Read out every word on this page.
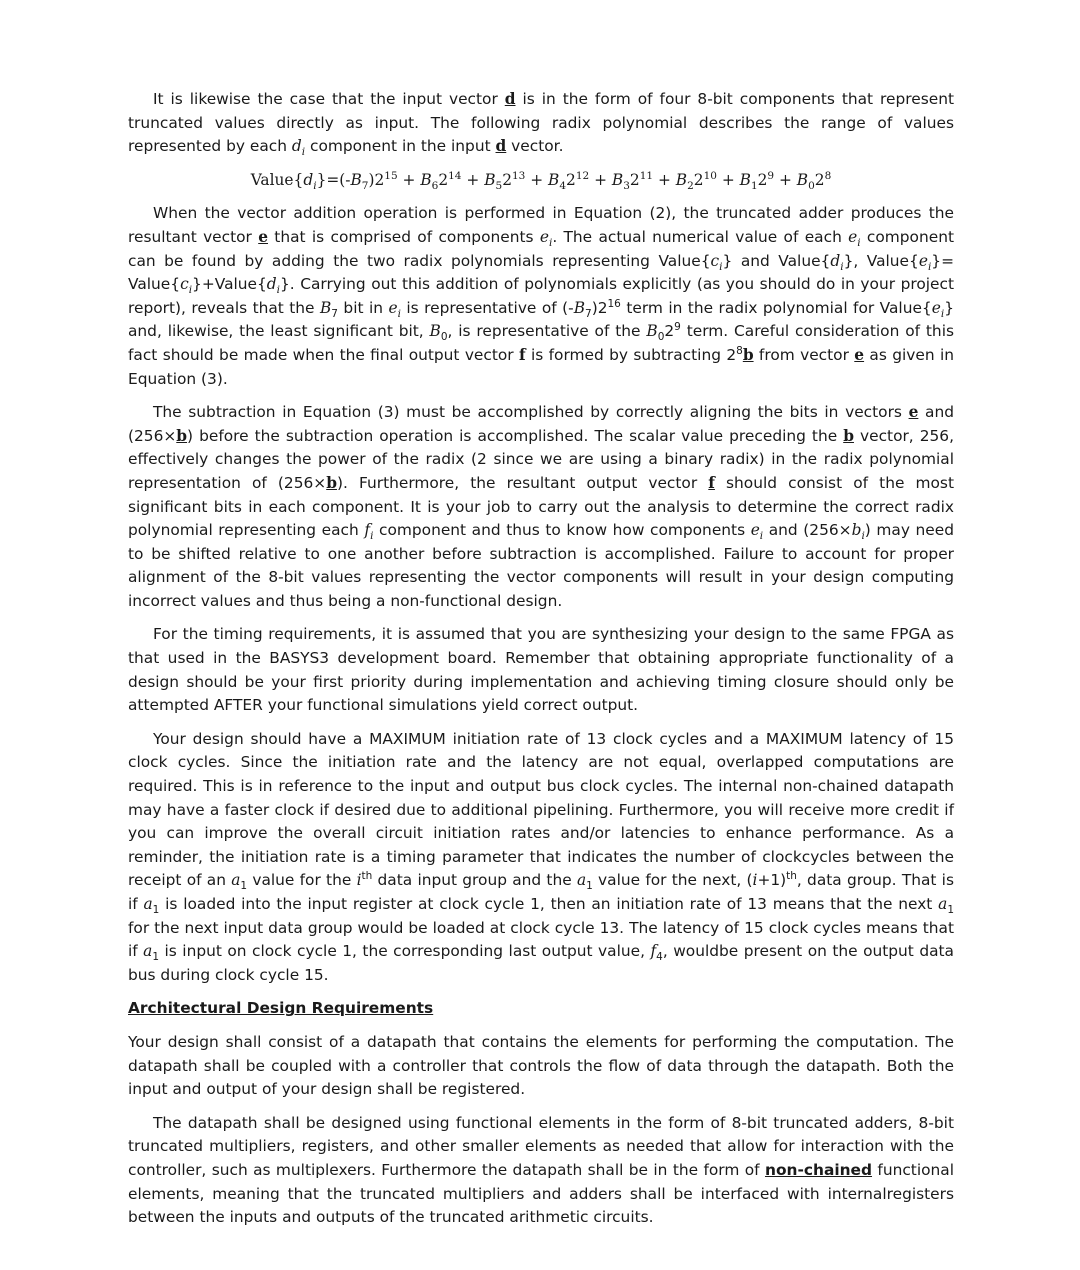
It is likewise the case that the input vector d is in the form of four 8-bit components that represent truncated values directly as input. The following radix polynomial describes the range of values represented by each $d_i$ component in the input d vector.

$Value\{d_i\}=(-B_7)2^{15} + B_62^{14} + B_52^{13} + B_42^{12} + B_32^{11} + B_22^{10} + B_12^9 + B_02^8$

When the vector addition operation is performed in Equation (2), the truncated adder produces the resultant vector e that is comprised of components $e_i$. The actual numerical value of each $e_i$ component can be found by adding the two radix polynomials representing $Value\{c_i\}$ and $Value\{d_i\}$, $Value\{e_i\}=$ $Value\{c_i\}+Value\{d_i\}$. Carrying out this addition of polynomials explicitly (as you should do in your project report), reveals that the $B_7$ bit in $e_i$ is representative of $(-B_7)2^{16}$ term in the radix polynomial for $Value\{e_i\}$ and, likewise, the least significant bit, $B_0$, is representative of the $B_02^9$ term. Careful consideration of this fact should be made when the final output vector f is formed by subtracting $2^8b$ from vector e as given in Equation (3).

The subtraction in Equation (3) must be accomplished by correctly aligning the bits in vectors e and (256×b) before the subtraction operation is accomplished. The scalar value preceding the b vector, 256, effectively changes the power of the radix (2 since we are using a binary radix) in the radix polynomial representation of (256×b). Furthermore, the resultant output vector f should consist of the most significant bits in each component. It is your job to carry out the analysis to determine the correct radix polynomial representing each $f_i$ component and thus to know how components $e_i$ and $(256\times b_i)$ may need to be shifted relative to one another before subtraction is accomplished. Failure to account for proper alignment of the 8-bit values representing the vector components will result in your design computing incorrect values and thus being a non-functional design.

For the timing requirements, it is assumed that you are synthesizing your design to the same FPGA as that used in the BASYS3 development board. Remember that obtaining appropriate functionality of a design should be your first priority during implementation and achieving timing closure should only be attempted AFTER your functional simulations yield correct output.

Your design should have a MAXIMUM initiation rate of 13 clock cycles and a MAXIMUM latency of 15 clock cycles. Since the initiation rate and the latency are not equal, overlapped computations are required. This is in reference to the input and output bus clock cycles. The internal non-chained datapath may have a faster clock if desired due to additional pipelining. Furthermore, you will receive more credit if you can improve the overall circuit initiation rates and/or latencies to enhance performance. As a reminder, the initiation rate is a timing parameter that indicates the number of clockcycles between the receipt of an $a_1$ value for the $i^{th}$ data input group and the $a_1$ value for the next, $(i+1)^{th}$, data group. That is if $a_1$ is loaded into the input register at clock cycle 1, then an initiation rate of 13 means that the next $a_1$ for the next input data group would be loaded at clock cycle 13. The latency of 15 clock cycles means that if $a_1$ is input on clock cycle 1, the corresponding last output value, $f_4$, wouldbe present on the output data bus during clock cycle 15.

Architectural Design Requirements

Your design shall consist of a datapath that contains the elements for performing the computation. The datapath shall be coupled with a controller that controls the flow of data through the datapath. Both the input and output of your design shall be registered.

The datapath shall be designed using functional elements in the form of 8-bit truncated adders, 8-bit truncated multipliers, registers, and other smaller elements as needed that allow for interaction with the controller, such as multiplexers. Furthermore the datapath shall be in the form of non-chained functional elements, meaning that the truncated multipliers and adders shall be interfaced with internalregisters between the inputs and outputs of the truncated arithmetic circuits.
